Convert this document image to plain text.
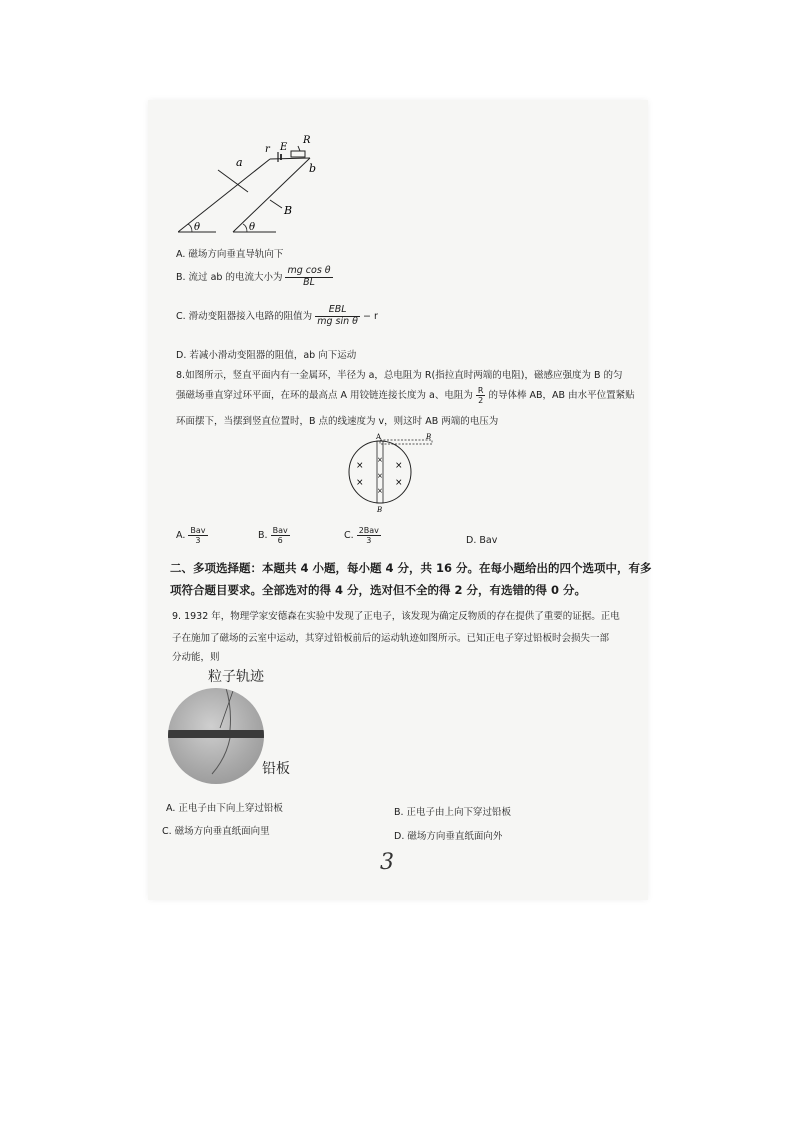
R
E
r
a	b
B
θ	θ
A. 磁场方向垂直导轨向下
B. 流过 ab 的电流大小为 $\frac{\text{mg cos θ}}{BL}$
C. 滑动变阻器接入电路的阻值为 $\frac{\text{EBL}}{\text{mg sin θ}} - r$
D. 若减小滑动变阻器的阻值，ab 向下运动
8.如图所示，竖直平面内有一金属环，半径为 a，总电阻为 R(指拉直时两端的电阻)，磁感应强度为 B 的匀
强磁场垂直穿过环平面，在环的最高点 A 用铰链连接长度为 a、电阻为 $\frac{R}{2}$ 的导体棒 AB，AB 由水平位置紧贴
环面摆下，当摆到竖直位置时，B 点的线速度为 v，则这时 AB 两端的电压为
A	B
B
×
×
×
×
×
×
×
A. $\frac{\text{Bav}}{3}$	B. $\frac{\text{Bav}}{6}$	C. $\frac{\text{2Bav}}{3}$	D. Bav
二、多项选择题：本题共 4 小题，每小题 4 分，共 16 分。在每小题给出的四个选项中，有多
项符合题目要求。全部选对的得 4 分，选对但不全的得 2 分，有选错的得 0 分。
9. 1932 年，物理学家安德森在实验中发现了正电子，该发现为确定反物质的存在提供了重要的证据。正电
子在施加了磁场的云室中运动，其穿过铅板前后的运动轨迹如图所示。已知正电子穿过铅板时会损失一部
分动能，则
粒子轨迹
铅板
A. 正电子由下向上穿过铅板	B. 正电子由上向下穿过铅板
C. 磁场方向垂直纸面向里	D. 磁场方向垂直纸面向外
3
